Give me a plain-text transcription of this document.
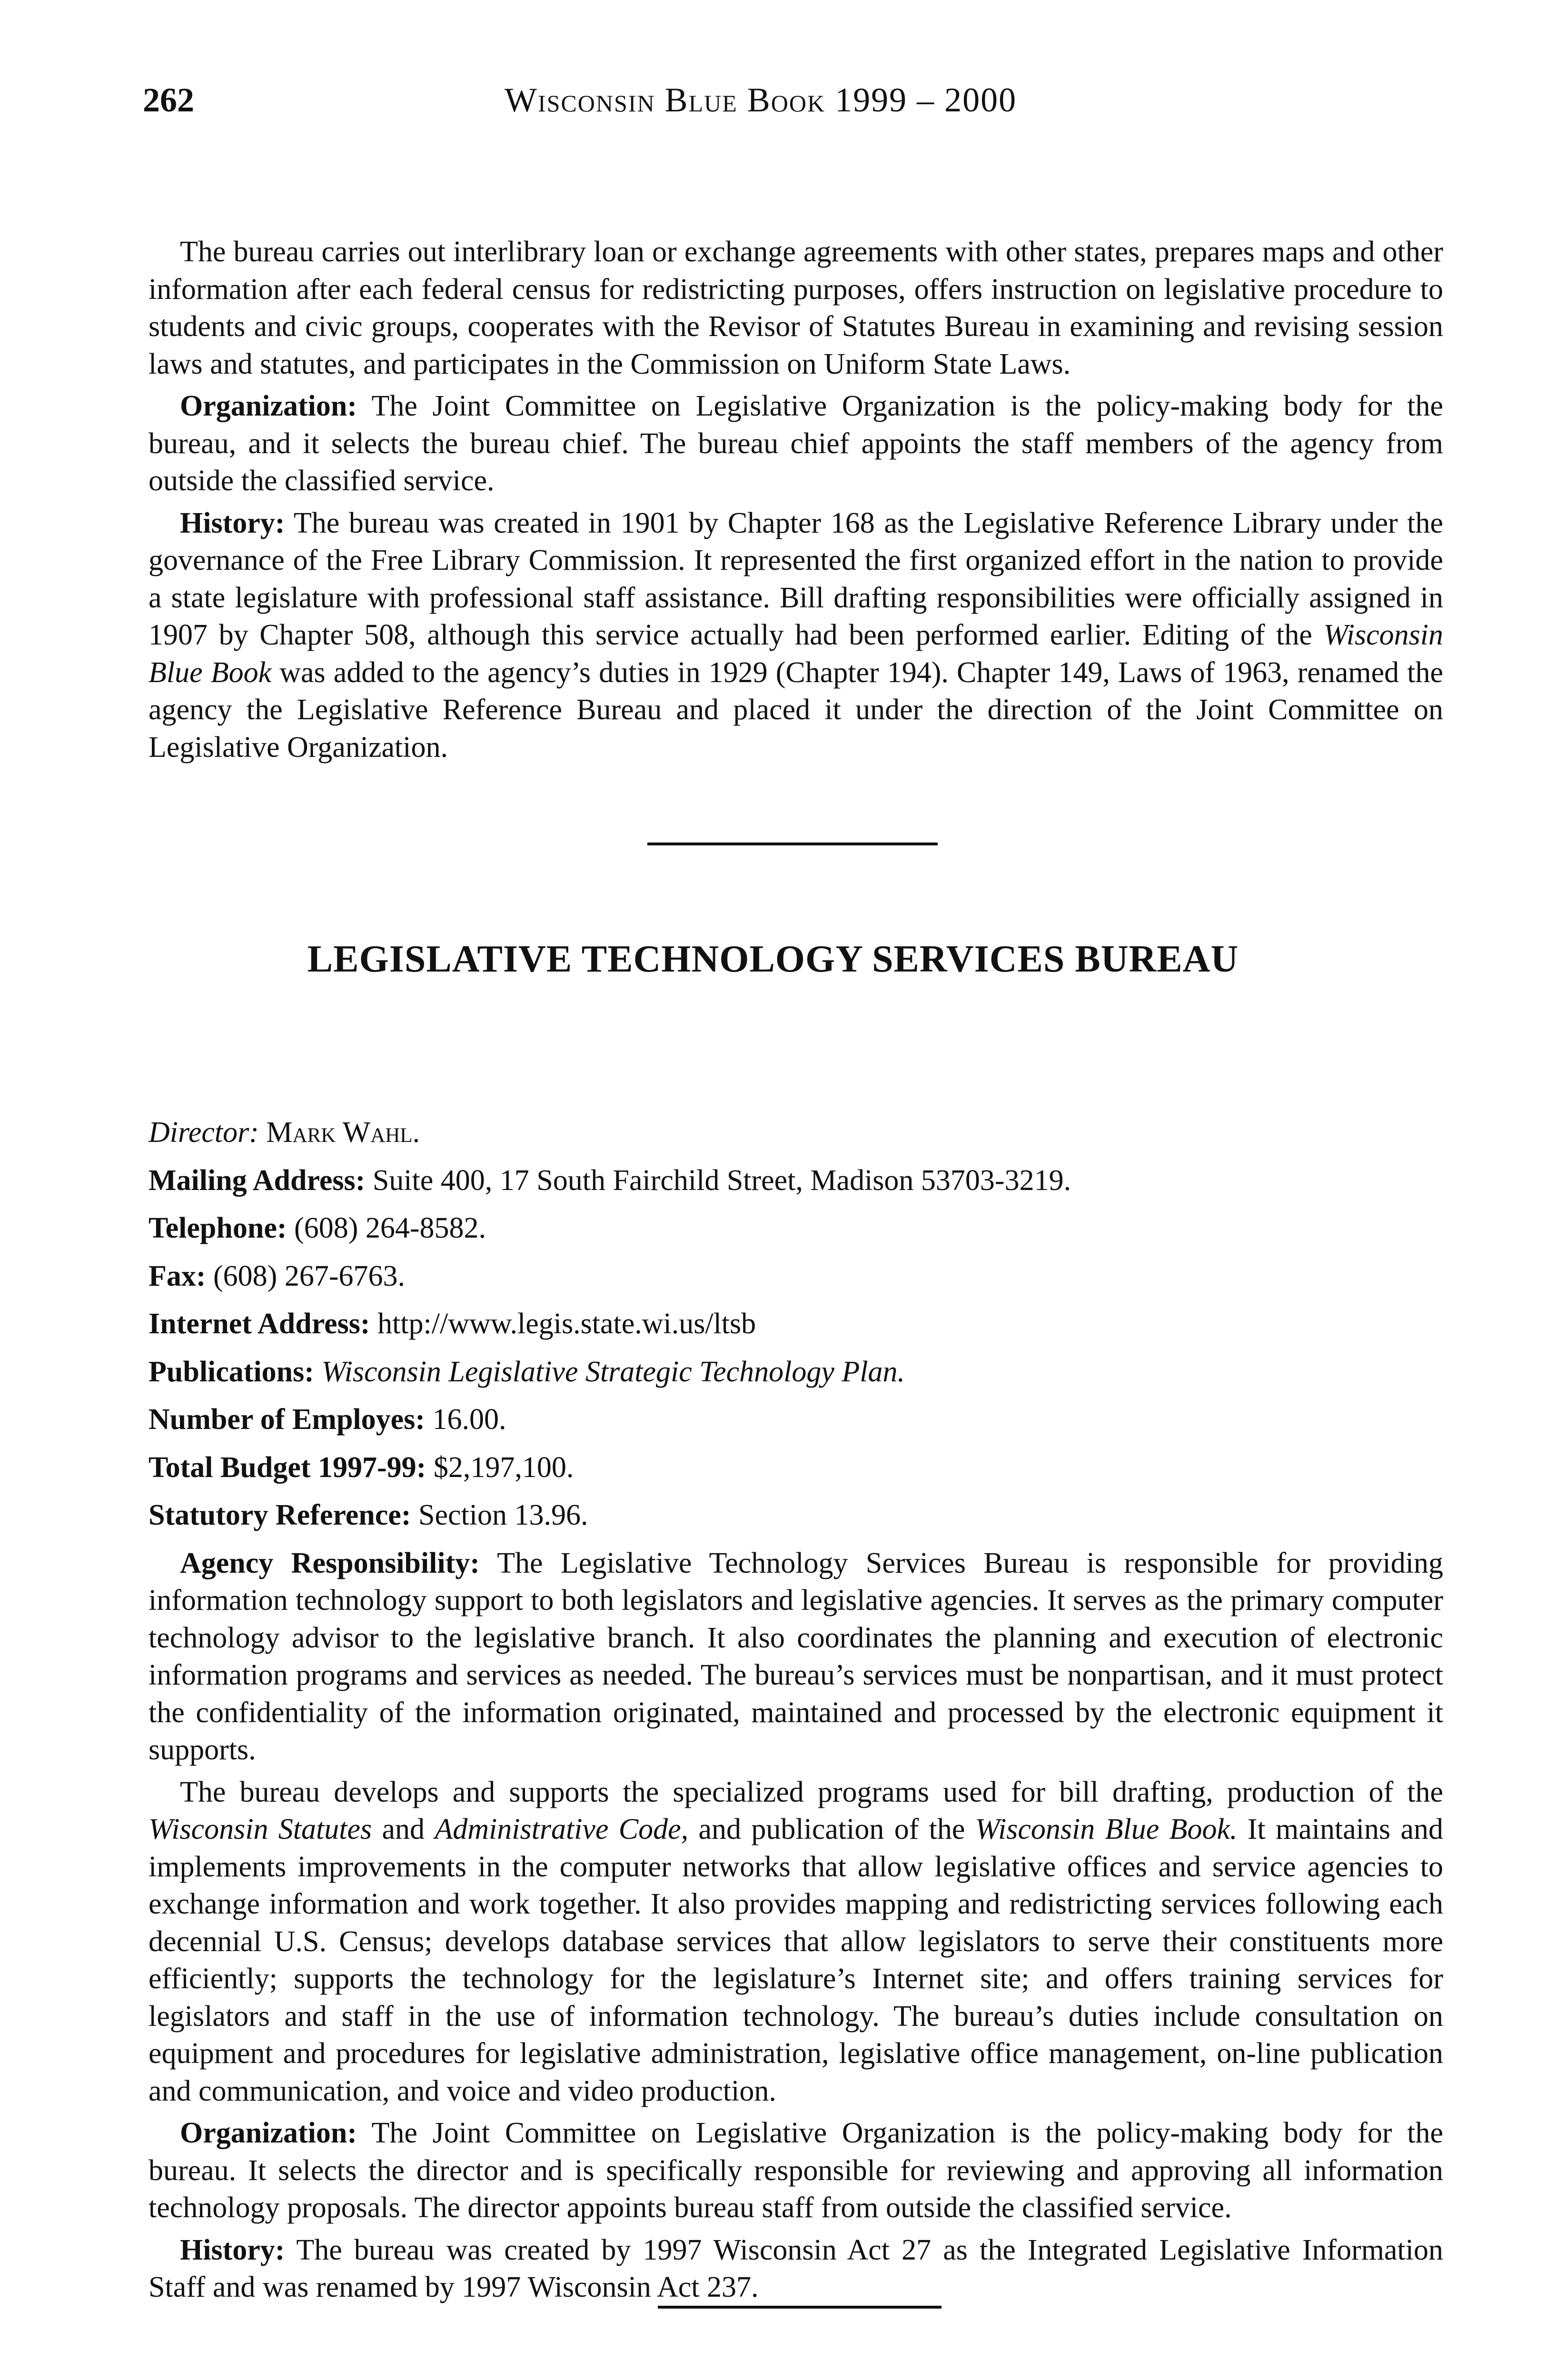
262	Wisconsin Blue Book 1999 – 2000

The bureau carries out interlibrary loan or exchange agreements with other states, prepares maps and other information after each federal census for redistricting purposes, offers instruction on legislative procedure to students and civic groups, cooperates with the Revisor of Statutes Bureau in examining and revising session laws and statutes, and participates in the Commission on Uniform State Laws.

Organization: The Joint Committee on Legislative Organization is the policy-making body for the bureau, and it selects the bureau chief. The bureau chief appoints the staff members of the agency from outside the classified service.

History: The bureau was created in 1901 by Chapter 168 as the Legislative Reference Library under the governance of the Free Library Commission. It represented the first organized effort in the nation to provide a state legislature with professional staff assistance. Bill drafting responsibilities were officially assigned in 1907 by Chapter 508, although this service actually had been performed earlier. Editing of the Wisconsin Blue Book was added to the agency’s duties in 1929 (Chapter 194). Chapter 149, Laws of 1963, renamed the agency the Legislative Reference Bureau and placed it under the direction of the Joint Committee on Legislative Organization.

LEGISLATIVE TECHNOLOGY SERVICES BUREAU

Director: Mark Wahl.

Mailing Address: Suite 400, 17 South Fairchild Street, Madison 53703-3219.

Telephone: (608) 264-8582.

Fax: (608) 267-6763.

Internet Address: http://www.legis.state.wi.us/ltsb

Publications: Wisconsin Legislative Strategic Technology Plan.

Number of Employes: 16.00.

Total Budget 1997-99: $2,197,100.

Statutory Reference: Section 13.96.

Agency Responsibility: The Legislative Technology Services Bureau is responsible for providing information technology support to both legislators and legislative agencies. It serves as the primary computer technology advisor to the legislative branch. It also coordinates the planning and execution of electronic information programs and services as needed. The bureau’s services must be nonpartisan, and it must protect the confidentiality of the information originated, maintained and processed by the electronic equipment it supports.

The bureau develops and supports the specialized programs used for bill drafting, production of the Wisconsin Statutes and Administrative Code, and publication of the Wisconsin Blue Book. It maintains and implements improvements in the computer networks that allow legislative offices and service agencies to exchange information and work together. It also provides mapping and redistricting services following each decennial U.S. Census; develops database services that allow legislators to serve their constituents more efficiently; supports the technology for the legislature’s Internet site; and offers training services for legislators and staff in the use of information technology. The bureau’s duties include consultation on equipment and procedures for legislative administration, legislative office management, on-line publication and communication, and voice and video production.

Organization: The Joint Committee on Legislative Organization is the policy-making body for the bureau. It selects the director and is specifically responsible for reviewing and approving all information technology proposals. The director appoints bureau staff from outside the classified service.

History: The bureau was created by 1997 Wisconsin Act 27 as the Integrated Legislative Information Staff and was renamed by 1997 Wisconsin Act 237.
